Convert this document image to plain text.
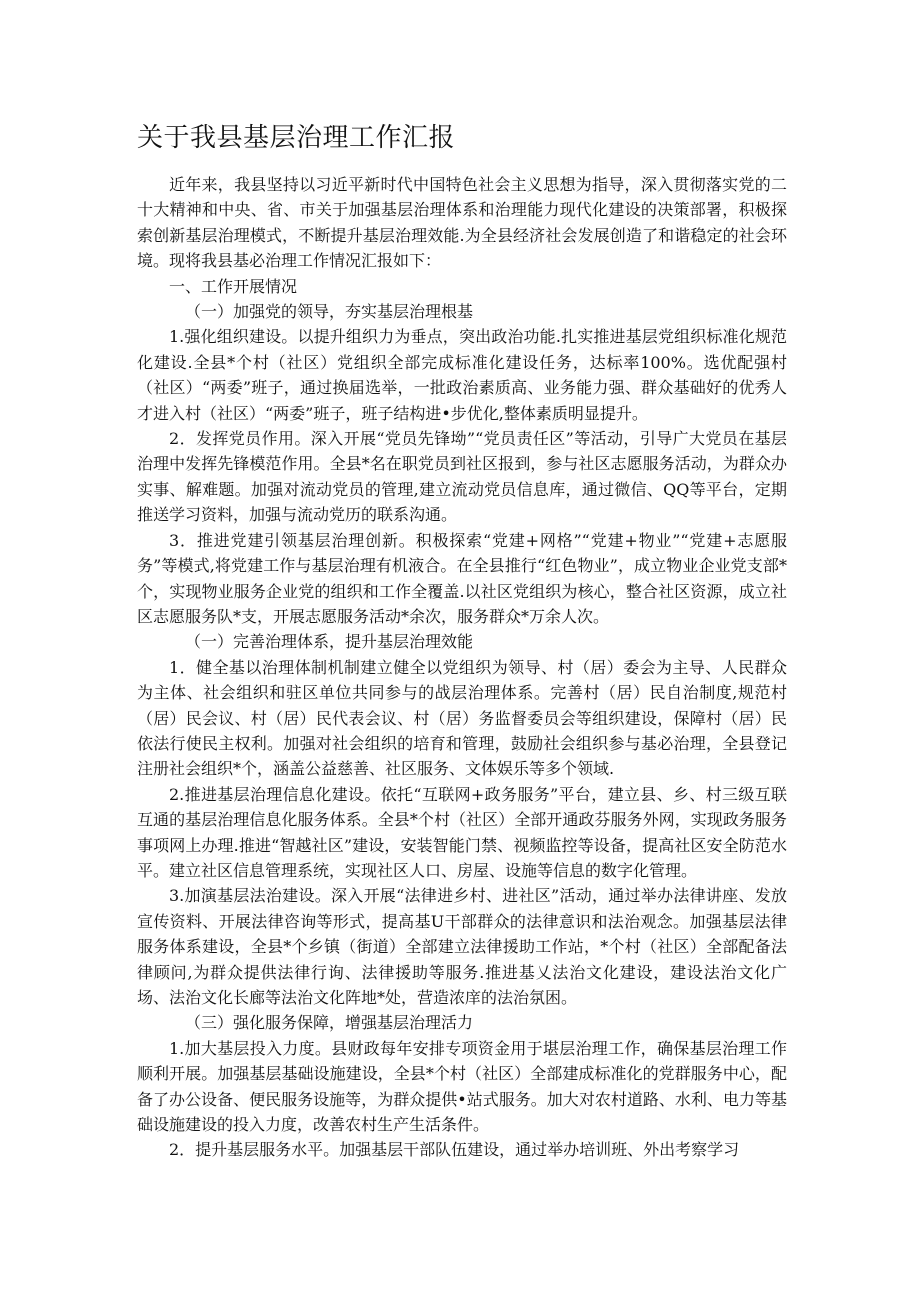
关于我县基层治理工作汇报

近年来，我县坚持以习近平新时代中国特色社会主义思想为指导，深入贯彻落实党的二十大精神和中央、省、市关于加强基层治理体系和治理能力现代化建设的决策部署，积极探索创新基层治理模式，不断提升基层治理效能.为全县经济社会发展创造了和谐稳定的社会环境。现将我县基必治理工作情况汇报如下：

一、工作开展情况

（一）加强党的领导，夯实基层治理根基

1.强化组织建设。以提升组织力为垂点，突出政治功能.扎实推进基层党组织标准化规范化建设.全县*个村（社区）党组织全部完成标准化建设任务，达标率100%。选优配强村（社区）“两委”班子，通过换届选举，一批政治素质高、业务能力强、群众基础好的优秀人才进入村（社区）“两委”班子，班子结构进•步优化,整体素质明显提升。

2．发挥党员作用。深入开展“党员先锋坳”“党员责任区”等活动，引导广大党员在基层治理中发挥先锋模范作用。全县*名在职党员到社区报到，参与社区志愿服务活动，为群众办实事、解难题。加强对流动党员的管理,建立流动党员信息库，通过微信、QQ等平台，定期推送学习资料，加强与流动党历的联系沟通。

3．推进党建引领基层治理创新。积极探索“党建+网格”“党建+物业”“党建+志愿服务”等模式,将党建工作与基层治理有机液合。在全县推行“红色物业”，成立物业企业党支部*个，实现物业服务企业党的组织和工作全覆盖.以社区党组织为核心，整合社区资源，成立社区志愿服务队*支，开展志愿服务活动*余次，服务群众*万余人次。

（一）完善治理体系，提升基层治理效能

1．健全基以治理体制机制建立健全以党组织为领导、村（居）委会为主导、人民群众为主体、社会组织和驻区单位共同参与的战层治理体系。完善村（居）民自治制度,规范村（居）民会议、村（居）民代表会议、村（居）务监督委员会等组织建设，保障村（居）民依法行使民主权利。加强对社会组织的培育和管理，鼓励社会组织参与基必治理，全县登记注册社会组织*个，涵盖公益慈善、社区服务、文体娱乐等多个领域.

2.推进基层治理信息化建设。依托“互联网+政务服务”平台，建立县、乡、村三级互联互通的基层治理信息化服务体系。全县*个村（社区）全部开通政芬服务外网，实现政务服务事项网上办理.推进“智越社区”建设，安装智能门禁、视频监控等设备，提高社区安全防范水平。建立社区信息管理系统，实现社区人口、房屋、设施等信息的数字化管理。

3.加演基层法治建设。深入开展“法律进乡村、进社区”活动，通过举办法律讲座、发放宣传资料、开展法律咨询等形式，提高基U干部群众的法律意识和法治观念。加强基层法律服务体系建设，全县*个乡镇（街道）全部建立法律援助工作站，*个村（社区）全部配备法律顾问,为群众提供法律行询、法律援助等服务.推进基乂法治文化建设，建设法治文化广场、法治文化长廊等法治文化阵地*处，营造浓庠的法治氛困。

（三）强化服务保障，增强基层治理活力

1.加大基层投入力度。县财政每年安排专项资金用于堪层治理工作，确保基层治理工作顺利开展。加强基层基础设施建设，全县*个村（社区）全部建成标准化的党群服务中心，配备了办公设备、便民服务设施等，为群众提供•站式服务。加大对农村道路、水利、电力等基础设施建设的投入力度，改善农村生产生活条件。

2．提升基层服务水平。加强基层干部队伍建设，通过举办培训班、外出考察学习
